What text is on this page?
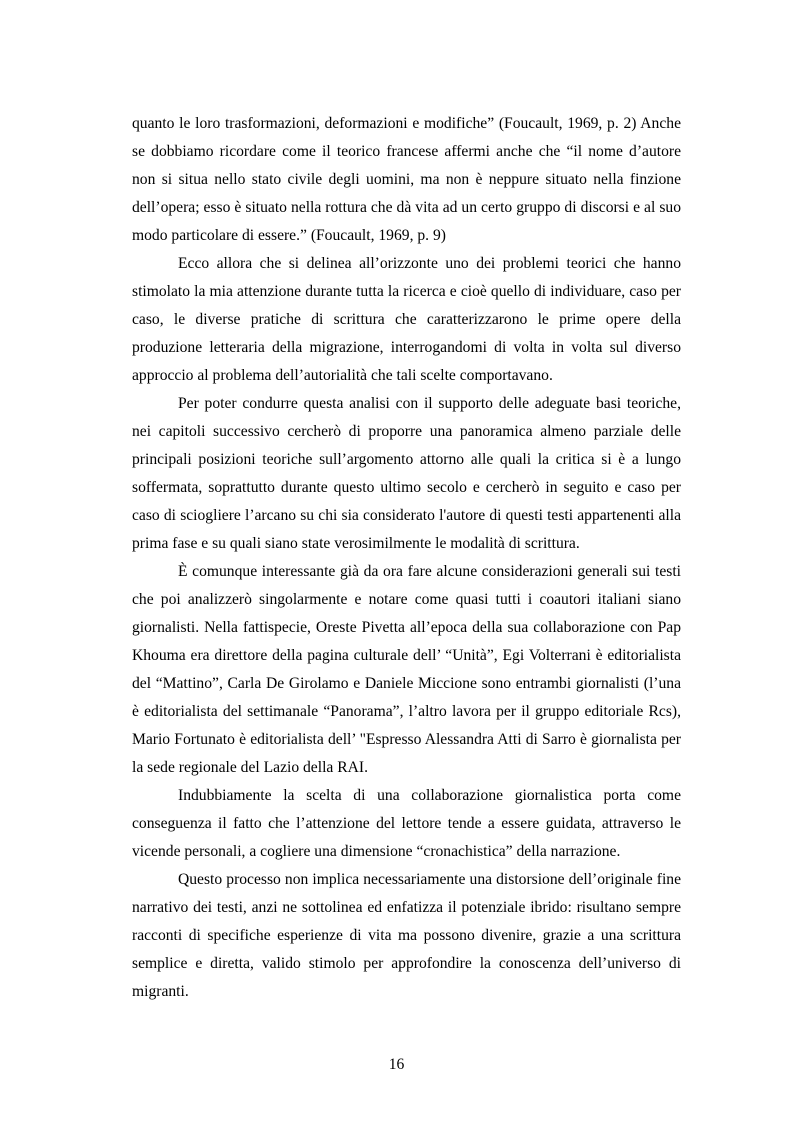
quanto le loro trasformazioni, deformazioni e modifiche” (Foucault, 1969, p. 2) Anche se dobbiamo ricordare come il teorico francese affermi anche che “il nome d’autore non si situa nello stato civile degli uomini, ma non è neppure situato nella finzione dell’opera; esso è situato nella rottura che dà vita ad un certo gruppo di discorsi e al suo modo particolare di essere.” (Foucault, 1969, p. 9)

Ecco allora che si delinea all’orizzonte uno dei problemi teorici che hanno stimolato la mia attenzione durante tutta la ricerca e cioè quello di individuare, caso per caso, le diverse pratiche di scrittura che caratterizzarono le prime opere della produzione letteraria della migrazione, interrogandomi di volta in volta sul diverso approccio al problema dell’autorialità che tali scelte comportavano.

Per poter condurre questa analisi con il supporto delle adeguate basi teoriche, nei capitoli successivo cercherò di proporre una panoramica almeno parziale delle principali posizioni teoriche sull’argomento attorno alle quali la critica si è a lungo soffermata, soprattutto durante questo ultimo secolo e cercherò in seguito e caso per caso di sciogliere l’arcano su chi sia considerato l'autore di questi testi appartenenti alla prima fase e su quali siano state verosimilmente le modalità di scrittura.

È comunque interessante già da ora fare alcune considerazioni generali sui testi che poi analizzerò singolarmente e notare come quasi tutti i coautori italiani siano giornalisti. Nella fattispecie, Oreste Pivetta all’epoca della sua collaborazione con Pap Khouma era direttore della pagina culturale dell’ “Unità”, Egi Volterrani è editorialista del “Mattino”, Carla De Girolamo e Daniele Miccione sono entrambi giornalisti (l’una è editorialista del settimanale “Panorama”, l’altro lavora per il gruppo editoriale Rcs), Mario Fortunato è editorialista dell’ "Espresso Alessandra Atti di Sarro è giornalista per la sede regionale del Lazio della RAI.

Indubbiamente la scelta di una collaborazione giornalistica porta come conseguenza il fatto che l’attenzione del lettore tende a essere guidata, attraverso le vicende personali, a cogliere una dimensione “cronachistica” della narrazione.

Questo processo non implica necessariamente una distorsione dell’originale fine narrativo dei testi, anzi ne sottolinea ed enfatizza il potenziale ibrido: risultano sempre racconti di specifiche esperienze di vita ma possono divenire, grazie a una scrittura semplice e diretta, valido stimolo per approfondire la conoscenza dell’universo di migranti.

16
